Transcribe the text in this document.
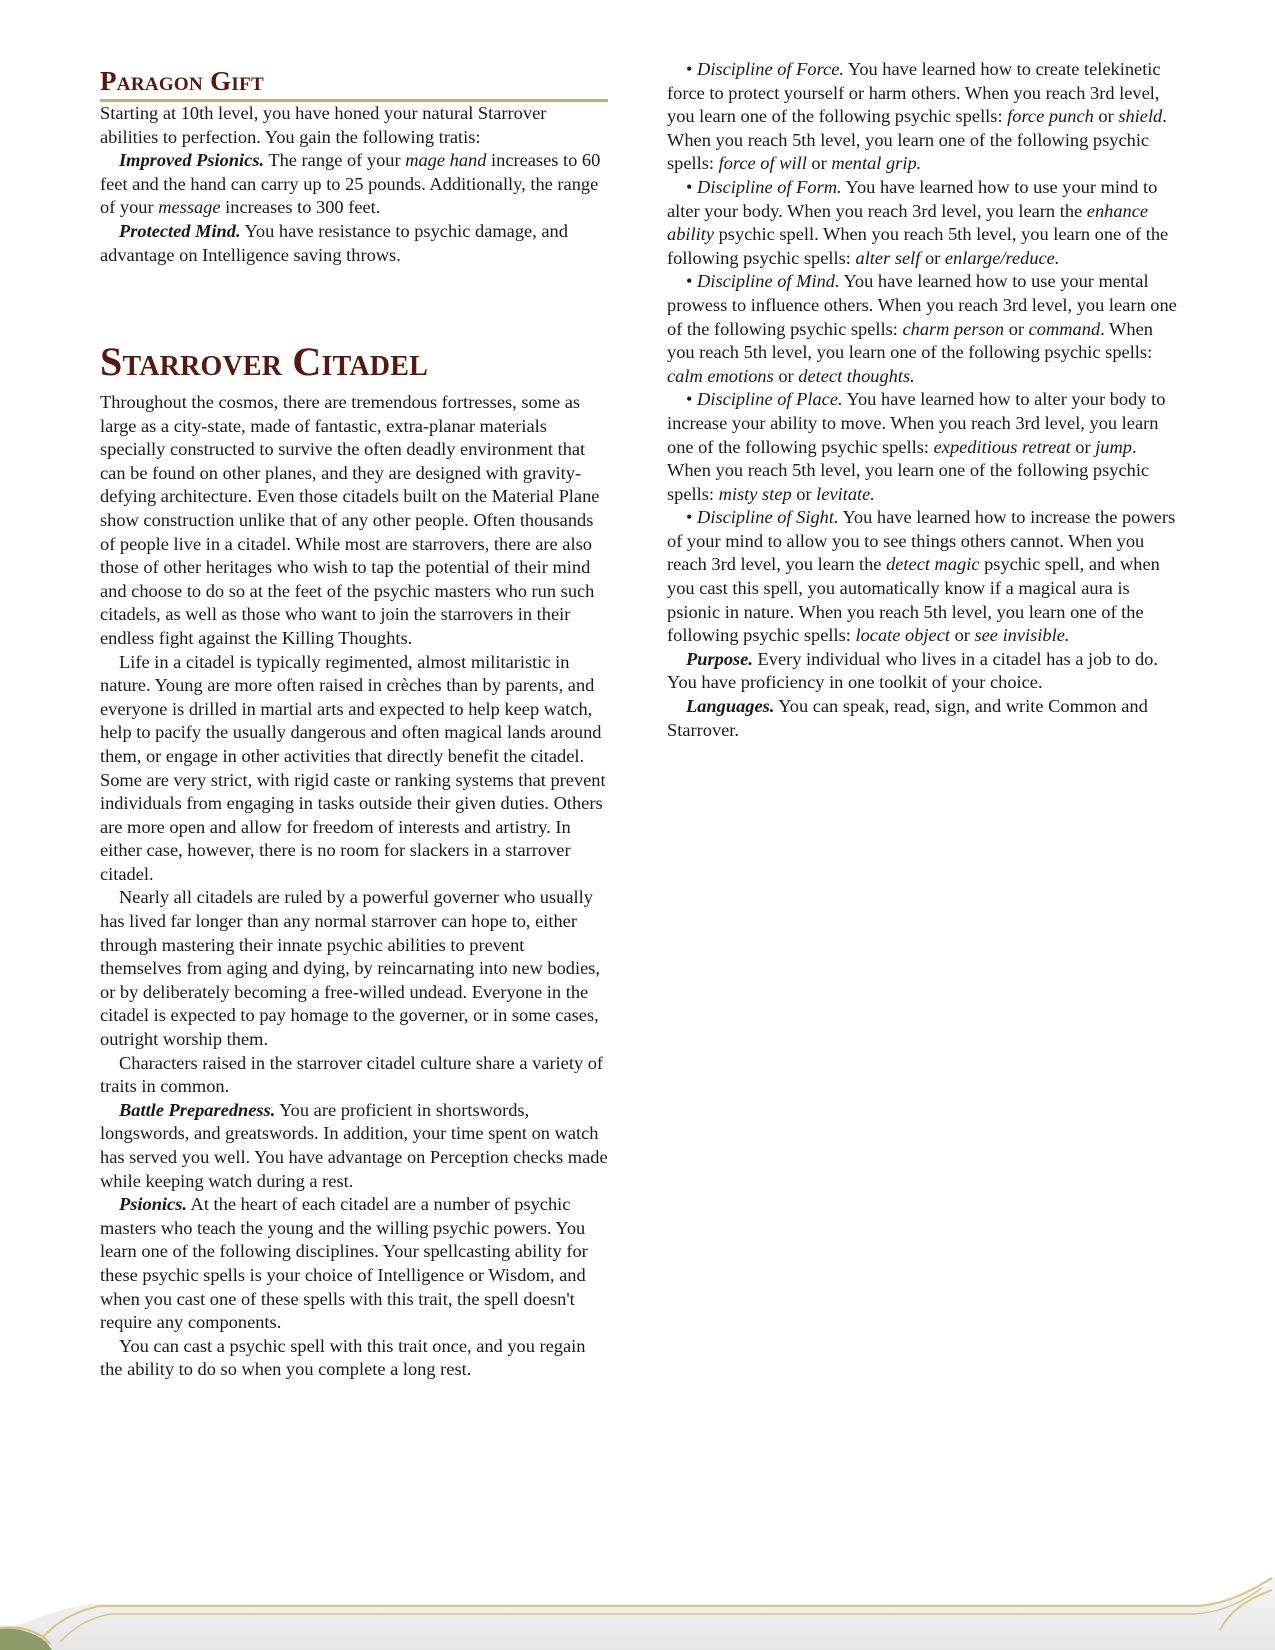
Paragon Gift

Starting at 10th level, you have honed your natural Starrover abilities to perfection. You gain the following tratis:

Improved Psionics. The range of your mage hand increases to 60 feet and the hand can carry up to 25 pounds. Additionally, the range of your message increases to 300 feet.

Protected Mind. You have resistance to psychic damage, and advantage on Intelligence saving throws.

Starrover Citadel

Throughout the cosmos, there are tremendous fortresses, some as large as a city-state, made of fantastic, extra-planar materials specially constructed to survive the often deadly environment that can be found on other planes, and they are designed with gravity-defying architecture. Even those citadels built on the Material Plane show construction unlike that of any other people. Often thousands of people live in a citadel. While most are starrovers, there are also those of other heritages who wish to tap the potential of their mind and choose to do so at the feet of the psychic masters who run such citadels, as well as those who want to join the starrovers in their endless fight against the Killing Thoughts.

Life in a citadel is typically regimented, almost militaristic in nature. Young are more often raised in crèches than by parents, and everyone is drilled in martial arts and expected to help keep watch, help to pacify the usually dangerous and often magical lands around them, or engage in other activities that directly benefit the citadel. Some are very strict, with rigid caste or ranking systems that prevent individuals from engaging in tasks outside their given duties. Others are more open and allow for freedom of interests and artistry. In either case, however, there is no room for slackers in a starrover citadel.

Nearly all citadels are ruled by a powerful governer who usually has lived far longer than any normal starrover can hope to, either through mastering their innate psychic abilities to prevent themselves from aging and dying, by reincarnating into new bodies, or by deliberately becoming a free-willed undead. Everyone in the citadel is expected to pay homage to the governer, or in some cases, outright worship them.

Characters raised in the starrover citadel culture share a variety of traits in common.

Battle Preparedness. You are proficient in shortswords, longswords, and greatswords. In addition, your time spent on watch has served you well. You have advantage on Perception checks made while keeping watch during a rest.

Psionics. At the heart of each citadel are a number of psychic masters who teach the young and the willing psychic powers. You learn one of the following disciplines. Your spellcasting ability for these psychic spells is your choice of Intelligence or Wisdom, and when you cast one of these spells with this trait, the spell doesn't require any components.

You can cast a psychic spell with this trait once, and you regain the ability to do so when you complete a long rest.

• Discipline of Force. You have learned how to create telekinetic force to protect yourself or harm others. When you reach 3rd level, you learn one of the following psychic spells: force punch or shield. When you reach 5th level, you learn one of the following psychic spells: force of will or mental grip.

• Discipline of Form. You have learned how to use your mind to alter your body. When you reach 3rd level, you learn the enhance ability psychic spell. When you reach 5th level, you learn one of the following psychic spells: alter self or enlarge/reduce.

• Discipline of Mind. You have learned how to use your mental prowess to influence others. When you reach 3rd level, you learn one of the following psychic spells: charm person or command. When you reach 5th level, you learn one of the following psychic spells: calm emotions or detect thoughts.

• Discipline of Place. You have learned how to alter your body to increase your ability to move. When you reach 3rd level, you learn one of the following psychic spells: expeditious retreat or jump. When you reach 5th level, you learn one of the following psychic spells: misty step or levitate.

• Discipline of Sight. You have learned how to increase the powers of your mind to allow you to see things others cannot. When you reach 3rd level, you learn the detect magic psychic spell, and when you cast this spell, you automatically know if a magical aura is psionic in nature. When you reach 5th level, you learn one of the following psychic spells: locate object or see invisible.

Purpose. Every individual who lives in a citadel has a job to do. You have proficiency in one toolkit of your choice.

Languages. You can speak, read, sign, and write Common and Starrover.
